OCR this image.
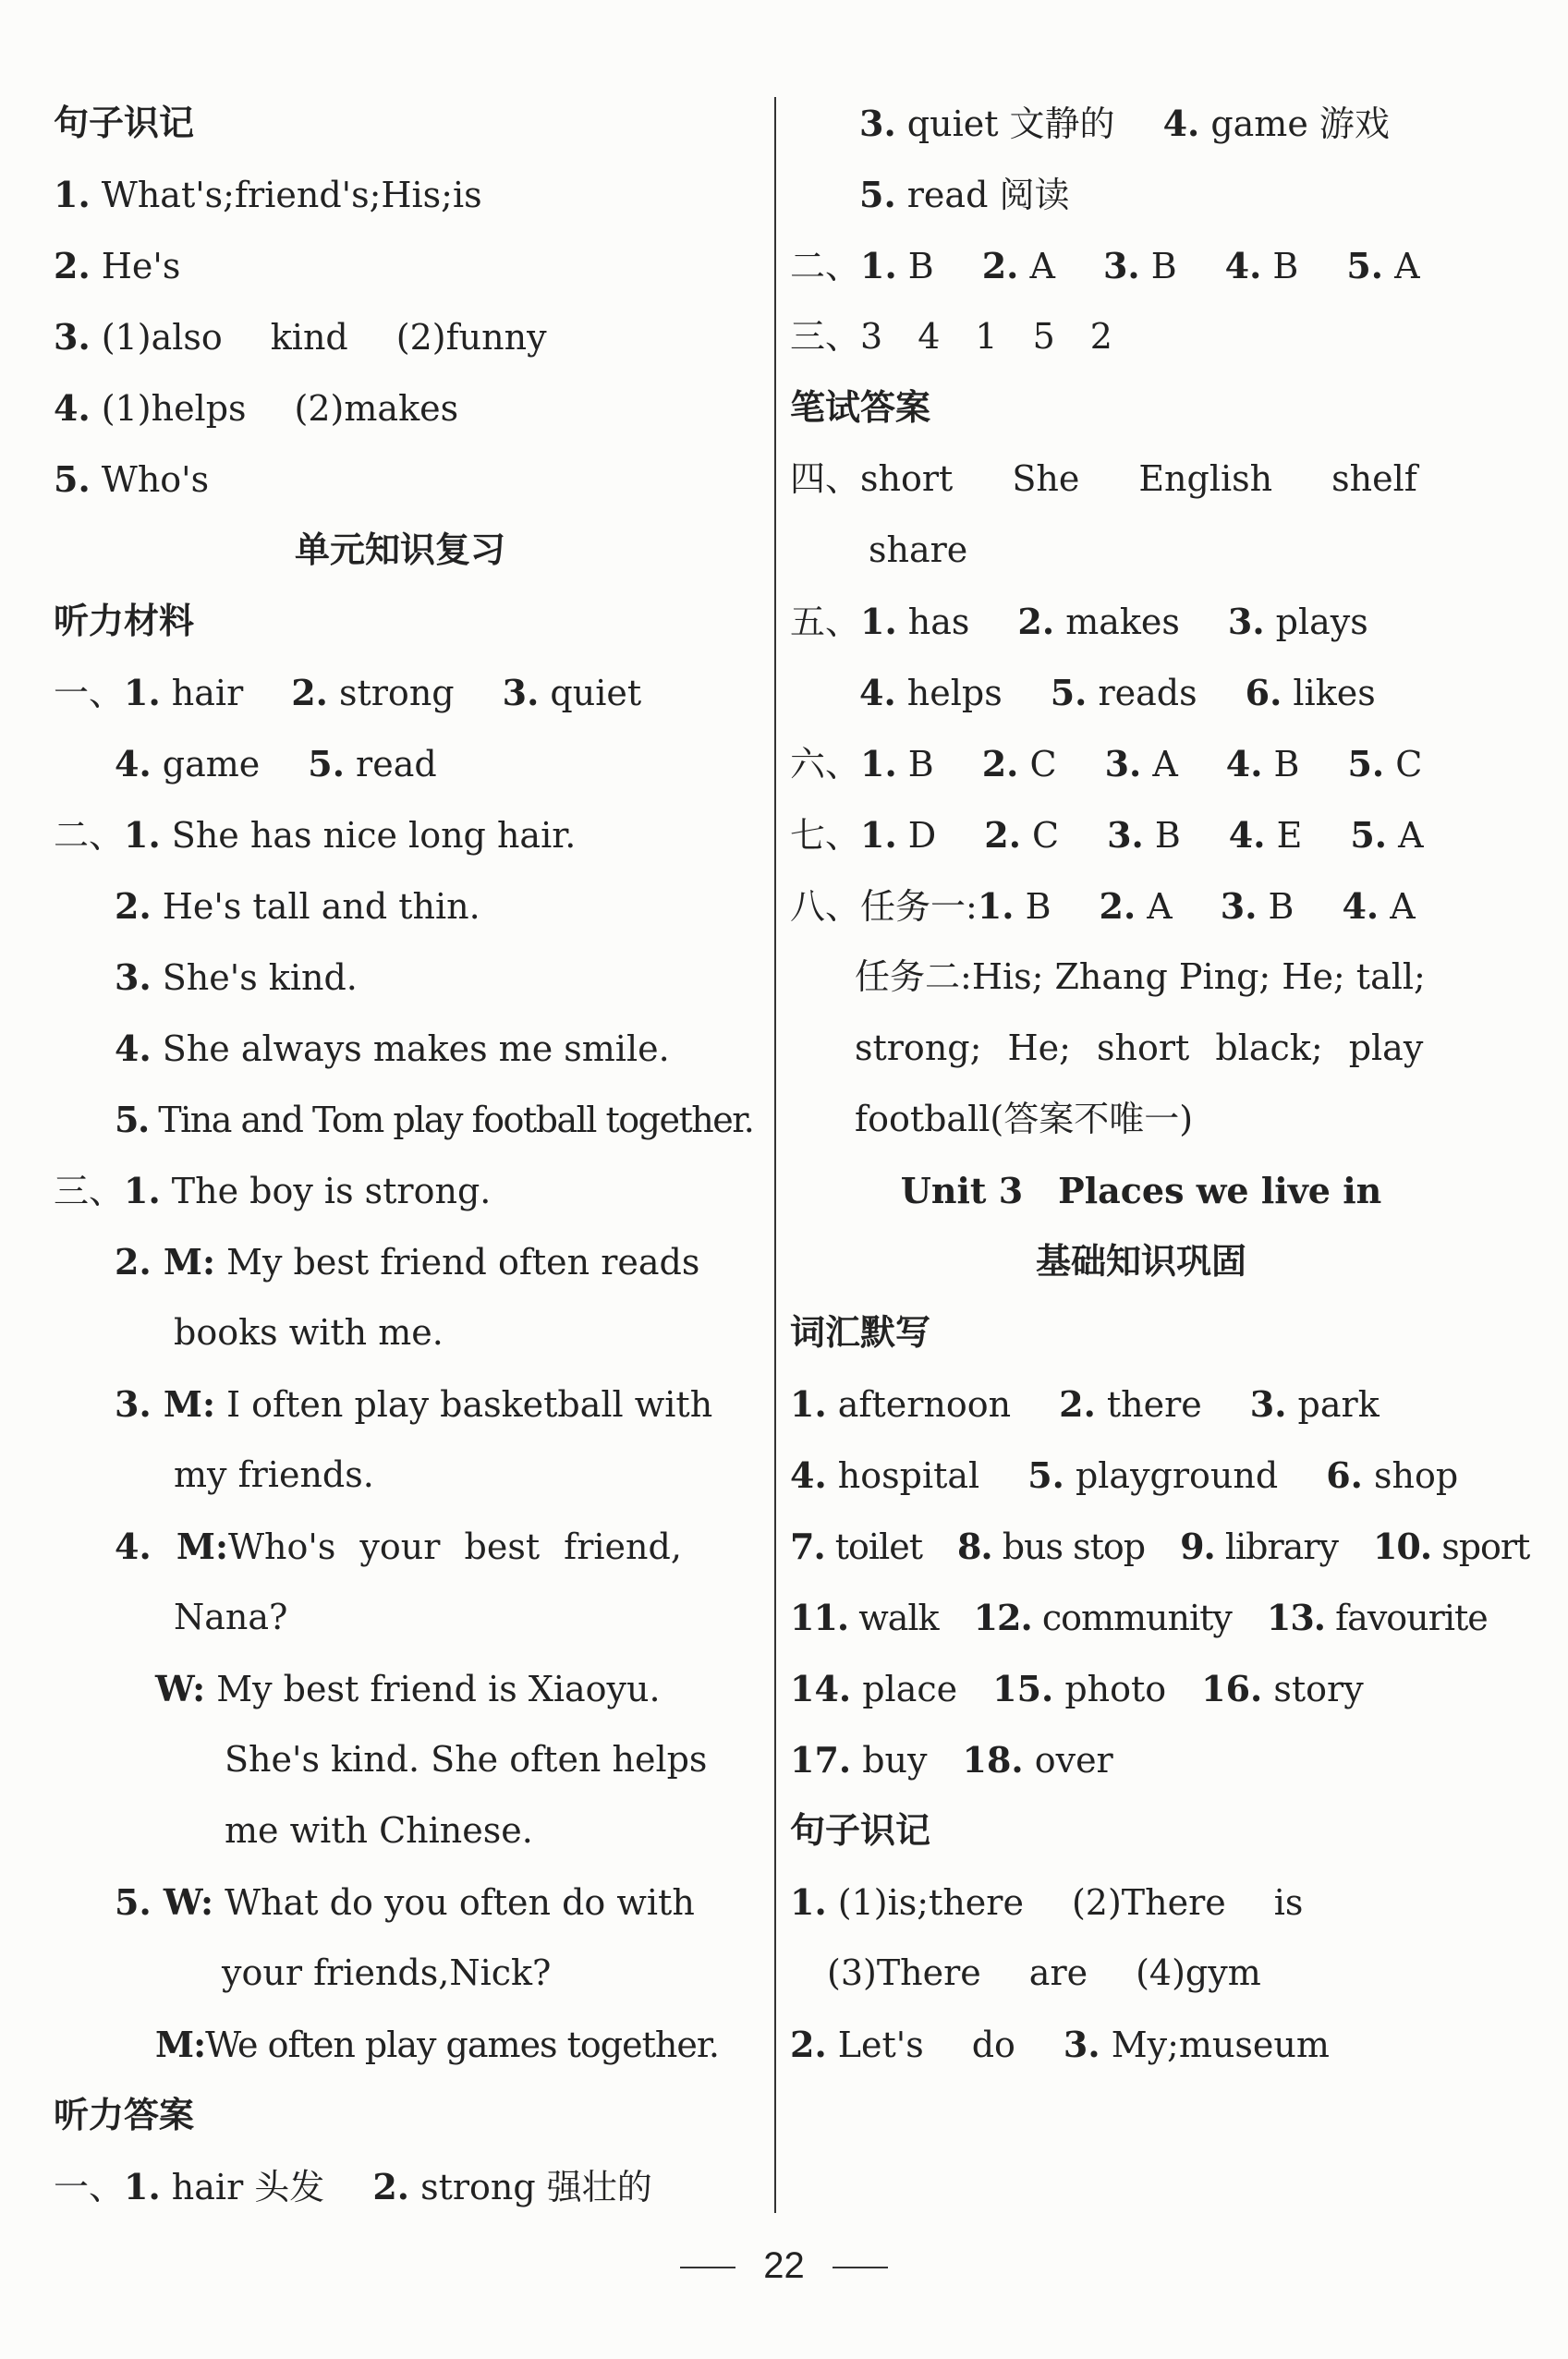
句子识记
1. What's;friend's;His;is
2. He's
3. (1)also kind (2)funny
4. (1)helps (2)makes
5. Who's
单元知识复习
听力材料
一、1. hair 2. strong 3. quiet
4. game 5. read
二、1. She has nice long hair.
2. He's tall and thin.
3. She's kind.
4. She always makes me smile.
5. Tina and Tom play football together.
三、1. The boy is strong.
2. M: My best friend often reads
books with me.
3. M: I often play basketball with
my friends.
4. M:Who's your best friend,
Nana?
W: My best friend is Xiaoyu.
She's kind. She often helps
me with Chinese.
5. W: What do you often do with
your friends,Nick?
M:We often play games together.
听力答案
一、1. hair 头发 2. strong 强壮的
3. quiet 文静的 4. game 游戏
5. read 阅读
二、1. B 2. A 3. B 4. B 5. A
三、3 4 1 5 2
笔试答案
四、short She English shelf
share
五、1. has 2. makes 3. plays
4. helps 5. reads 6. likes
六、1. B 2. C 3. A 4. B 5. C
七、1. D 2. C 3. B 4. E 5. A
八、任务一:1. B 2. A 3. B 4. A
任务二:His; Zhang Ping; He; tall;
strong; He; short black; play
football(答案不唯一)
Unit 3　Places we live in
基础知识巩固
词汇默写
1. afternoon 2. there 3. park
4. hospital 5. playground 6. shop
7. toilet 8. bus stop 9. library 10. sport
11. walk 12. community 13. favourite
14. place 15. photo 16. story
17. buy 18. over
句子识记
1. (1)is;there (2)There is
(3)There are (4)gym
2. Let's do 3. My;museum
22
